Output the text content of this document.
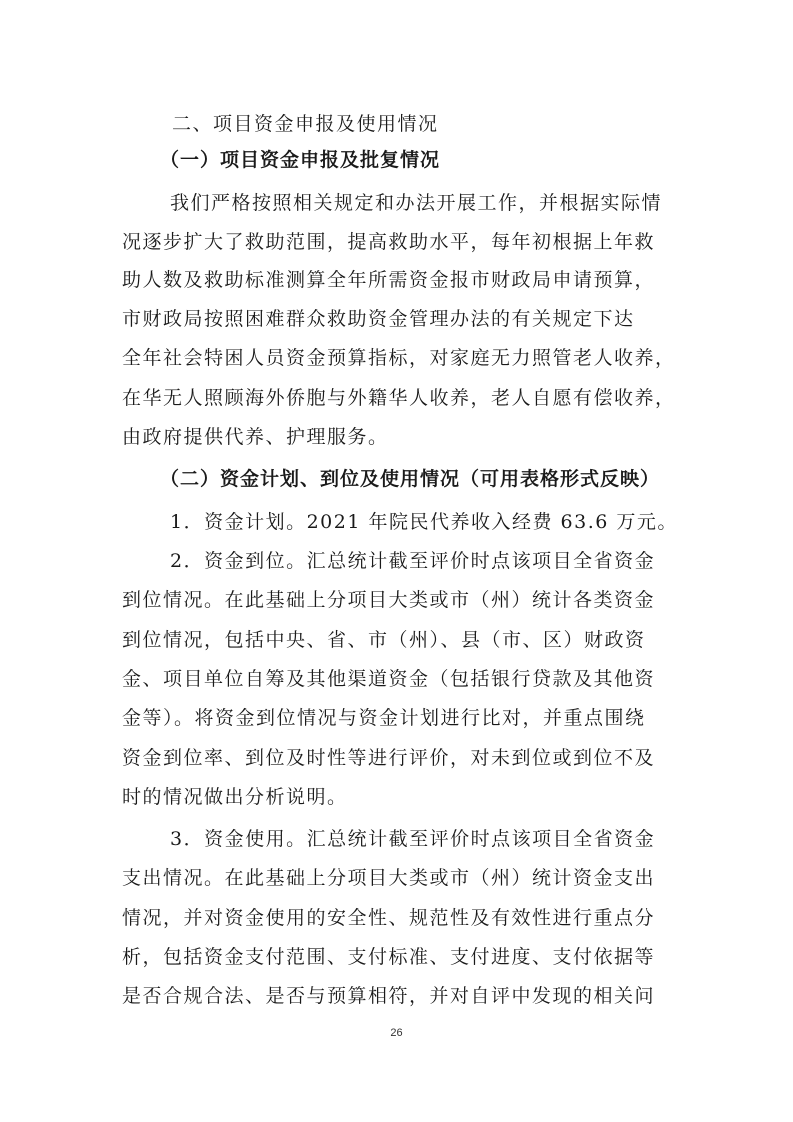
二、项目资金申报及使用情况
（一）项目资金申报及批复情况
我们严格按照相关规定和办法开展工作，并根据实际情
况逐步扩大了救助范围，提高救助水平，每年初根据上年救
助人数及救助标准测算全年所需资金报市财政局申请预算，
市财政局按照困难群众救助资金管理办法的有关规定下达
全年社会特困人员资金预算指标，对家庭无力照管老人收养，
在华无人照顾海外侨胞与外籍华人收养，老人自愿有偿收养，
由政府提供代养、护理服务。
（二）资金计划、到位及使用情况（可用表格形式反映）
1．资金计划。2021 年院民代养收入经费 63.6 万元。
2．资金到位。汇总统计截至评价时点该项目全省资金
到位情况。在此基础上分项目大类或市（州）统计各类资金
到位情况，包括中央、省、市（州）、县（市、区）财政资
金、项目单位自筹及其他渠道资金（包括银行贷款及其他资
金等）。将资金到位情况与资金计划进行比对，并重点围绕
资金到位率、到位及时性等进行评价，对未到位或到位不及
时的情况做出分析说明。
3．资金使用。汇总统计截至评价时点该项目全省资金
支出情况。在此基础上分项目大类或市（州）统计资金支出
情况，并对资金使用的安全性、规范性及有效性进行重点分
析，包括资金支付范围、支付标准、支付进度、支付依据等
是否合规合法、是否与预算相符，并对自评中发现的相关问
26
